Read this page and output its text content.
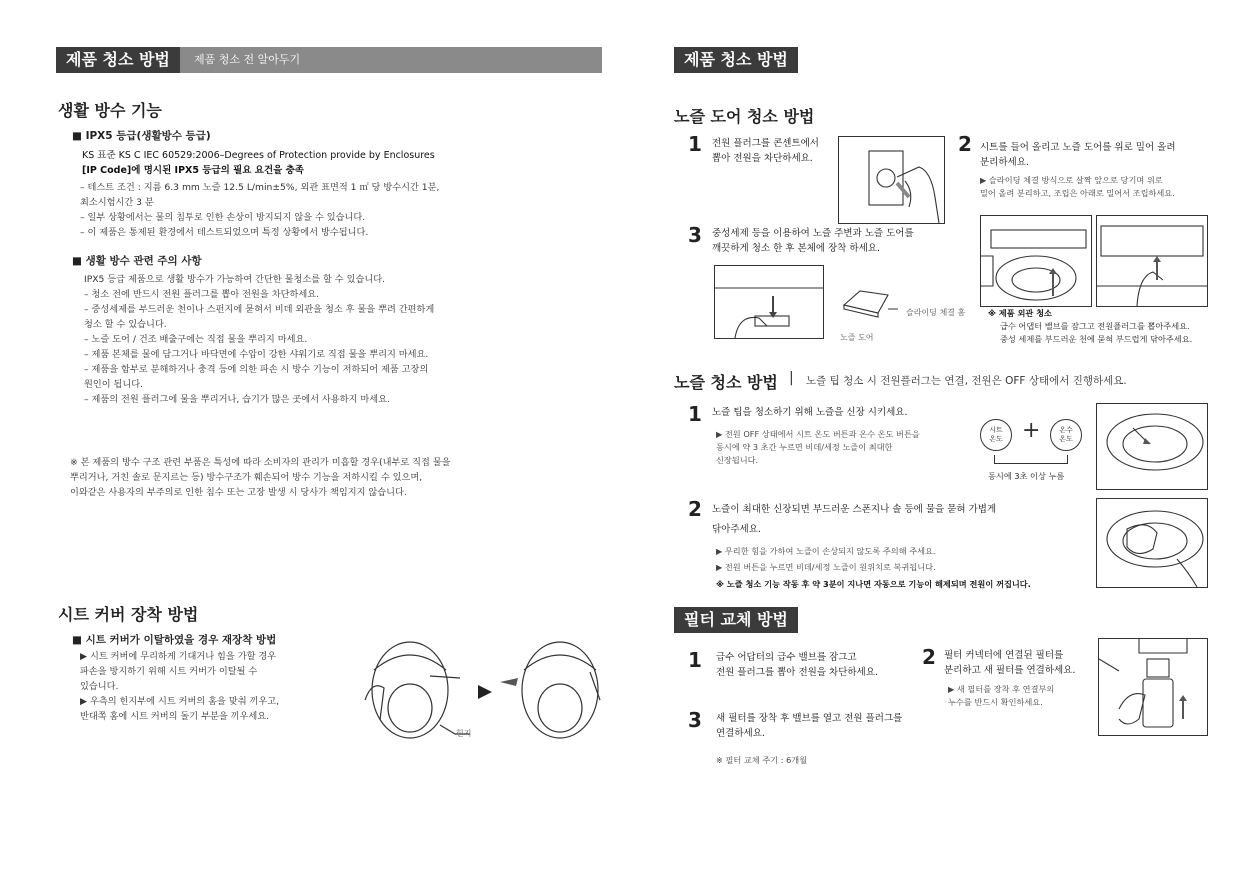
제품 청소 방법	제품 청소 전 알아두기
생활 방수 기능
■ IPX5 등급(생활방수 등급)
KS 표준 KS C IEC 60529:2006–Degrees of Protection provide by Enclosures
[IP Code]에 명시된 IPX5 등급의 필요 요건을 충족
– 테스트 조건 : 지름 6.3 mm 노즐 12.5 L/min±5%, 외관 표면적 1 ㎡ 당 방수시간 1분,
최소시험시간 3 분
– 일부 상황에서는 물의 침투로 인한 손상이 방지되지 않을 수 있습니다.
– 이 제품은 통제된 환경에서 테스트되었으며 특정 상황에서 방수됩니다.
■ 생활 방수 관련 주의 사항
IPX5 등급 제품으로 생활 방수가 가능하여 간단한 물청소를 할 수 있습니다.
– 청소 전에 반드시 전원 플러그를 뽑아 전원을 차단하세요.
– 중성세제를 부드러운 천이나 스펀지에 묻혀서 비데 외관을 청소 후 물을 뿌려 간편하게
청소 할 수 있습니다.
– 노즐 도어 / 건조 배출구에는 직접 물을 뿌리지 마세요.
– 제품 본체를 물에 담그거나 바닥면에 수압이 강한 샤워기로 직접 물을 뿌리지 마세요.
– 제품을 함부로 분해하거나 충격 등에 의한 파손 시 방수 기능이 저하되어 제품 고장의
원인이 됩니다.
– 제품의 전원 플러그에 물을 뿌리거나, 습기가 많은 곳에서 사용하지 마세요.
※ 본 제품의 방수 구조 관련 부품은 특성에 따라 소비자의 관리가 미흡할 경우(내부로 직접 물을
뿌리거나, 거친 솔로 문지르는 등) 방수구조가 훼손되어 방수 기능을 저하시킬 수 있으며,
이와같은 사용자의 부주의로 인한 침수 또는 고장 발생 시 당사가 책임지지 않습니다.
시트 커버 장착 방법
■ 시트 커버가 이탈하였을 경우 재장착 방법
▶ 시트 커버에 무리하게 기대거나 힘을 가할 경우
파손을 방지하기 위해 시트 커버가 이탈될 수
있습니다.
▶ 우측의 힌지부에 시트 커버의 홈을 맞춰 끼우고,
반대쪽 홈에 시트 커버의 돌기 부분을 끼우세요.
힌지
제품 청소 방법
노즐 도어 청소 방법
1 전원 플러그를 콘센트에서
뽑아 전원을 차단하세요.
2 시트를 들어 올리고 노즐 도어를 위로 밀어 올려
분리하세요.
▶ 슬라이딩 체결 방식으로 살짝 앞으로 당기며 위로
밀어 올려 분리하고, 조립은 아래로 밀어서 조립하세요.
3 중성세제 등을 이용하여 노즐 주변과 노즐 도어를
깨끗하게 청소 한 후 본체에 장착 하세요.
슬라이딩 체결 홈
노즐 도어
※ 제품 외관 청소
급수 어댑터 밸브를 잠그고 전원플러그를 뽑아주세요.
중성 세제를 부드러운 천에 묻혀 부드럽게 닦아주세요.
노즐 청소 방법 | 노즐 팁 청소 시 전원플러그는 연결, 전원은 OFF 상태에서 진행하세요.
1 노즐 팁을 청소하기 위해 노즐을 신장 시키세요.
▶ 전원 OFF 상태에서 시트 온도 버튼과 온수 온도 버튼을
동시에 약 3 초간 누르면 비데/세정 노즐이 최대한
신장됩니다.
시트
온도 +	온수
온도
동시에 3초 이상 누름
2 노즐이 최대한 신장되면 부드러운 스폰지나 솔 등에 물을 묻혀 가볍게
닦아주세요.
▶ 무리한 힘을 가하여 노즐이 손상되지 않도록 주의해 주세요.
▶ 전원 버튼을 누르면 비데/세정 노즐이 원위치로 복귀됩니다.
※ 노즐 청소 기능 작동 후 약 3분이 지나면 자동으로 기능이 해제되며 전원이 꺼집니다.
필터 교체 방법
1 급수 어답터의 급수 밸브를 잠그고
전원 플러그를 뽑아 전원을 차단하세요.
2 필터 커넥터에 연결된 필터를
분리하고 새 필터를 연결하세요.
▶ 새 필터를 장착 후 연결부의
누수를 반드시 확인하세요.
3 새 필터를 장착 후 밸브를 열고 전원 플러그를
연결하세요.
※ 필터 교체 주기 : 6개월
